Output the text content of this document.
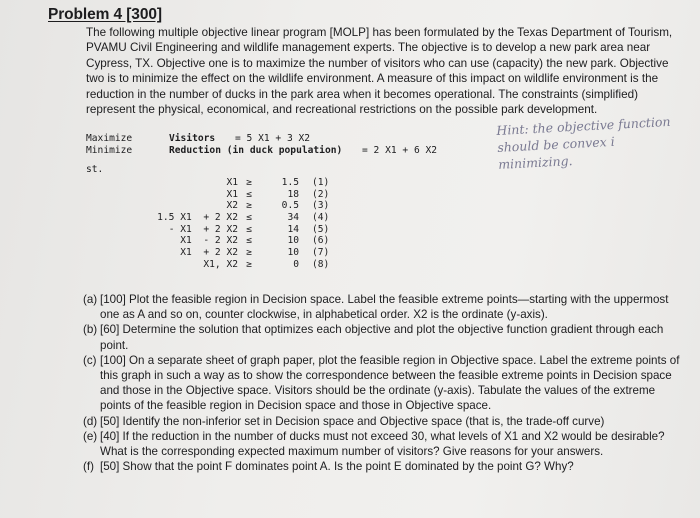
Problem 4 [300]

The following multiple objective linear program [MOLP] has been formulated by the Texas Department of Tourism,

PVAMU Civil Engineering and wildlife management experts. The objective is to develop a new park area near

Cypress, TX. Objective one is to maximize the number of visitors who can use (capacity) the new park. Objective

two is to minimize the effect on the wildlife environment. A measure of this impact on wildlife environment is the

reduction in the number of ducks in the park area when it becomes operational. The constraints (simplified)

represent the physical, economical, and recreational restrictions on the possible park development.

Maximize	Visitors = 5 X1 + 3 X2
Minimize	Reduction (in duck population) = 2 X1 + 6 X2
st.
Hint: the objective function
should be convex i
minimizing.
X1 ≥	1.5 (1)
X1 ≤	18 (2)
X2 ≥	0.5 (3)
1.5 X1  + 2 X2 ≤	34 (4)
- X1  + 2 X2 ≤	14 (5)
X1  - 2 X2 ≤	10 (6)
X1  + 2 X2 ≥	10 (7)
X1, X2 ≥	0 (8)
(a) [100] Plot the feasible region in Decision space. Label the feasible extreme points—starting with the uppermost

one as A and so on, counter clockwise, in alphabetical order. X2 is the ordinate (y-axis).

(b) [60] Determine the solution that optimizes each objective and plot the objective function gradient through each

point.

(c) [100] On a separate sheet of graph paper, plot the feasible region in Objective space. Label the extreme points of

this graph in such a way as to show the correspondence between the feasible extreme points in Decision space

and those in the Objective space. Visitors should be the ordinate (y-axis). Tabulate the values of the extreme

points of the feasible region in Decision space and those in Objective space.

(d) [50] Identify the non-inferior set in Decision space and Objective space (that is, the trade-off curve)

(e) [40] If the reduction in the number of ducks must not exceed 30, what levels of X1 and X2 would be desirable?

What is the corresponding expected maximum number of visitors? Give reasons for your answers.

(f) [50] Show that the point F dominates point A. Is the point E dominated by the point G? Why?
